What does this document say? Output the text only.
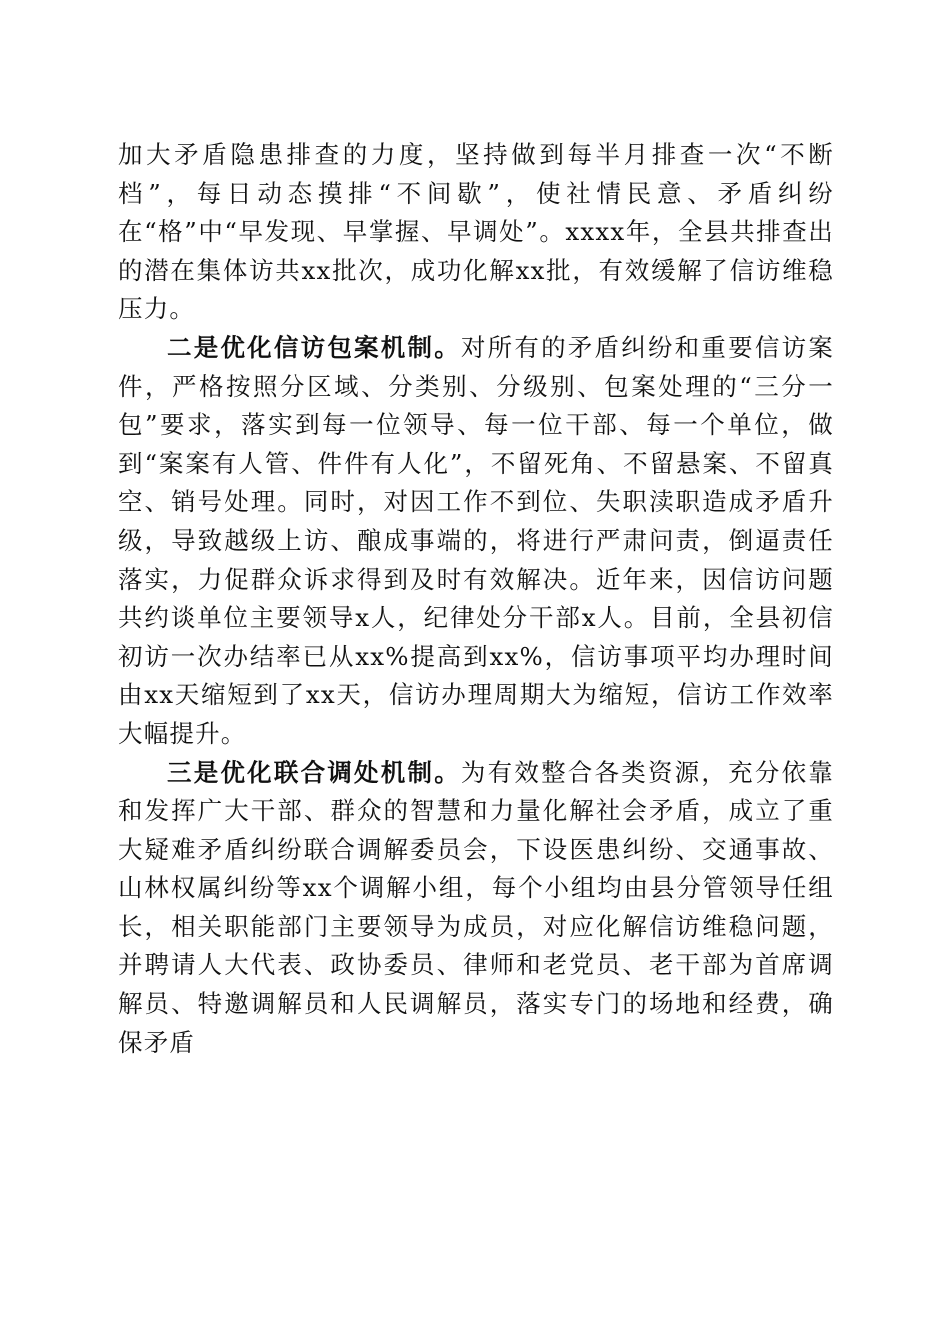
加大矛盾隐患排查的力度，坚持做到每半月排查一次“不断档”，每日动态摸排“不间歇”，使社情民意、矛盾纠纷在“格”中“早发现、早掌握、早调处”。xxxx年，全县共排查出的潜在集体访共xx批次，成功化解xx批，有效缓解了信访维稳压力。

二是优化信访包案机制。对所有的矛盾纠纷和重要信访案件，严格按照分区域、分类别、分级别、包案处理的“三分一包”要求，落实到每一位领导、每一位干部、每一个单位，做到“案案有人管、件件有人化”，不留死角、不留悬案、不留真空、销号处理。同时，对因工作不到位、失职渎职造成矛盾升级，导致越级上访、酿成事端的，将进行严肃问责，倒逼责任落实，力促群众诉求得到及时有效解决。近年来，因信访问题共约谈单位主要领导x人，纪律处分干部x人。目前，全县初信初访一次办结率已从xx%提高到xx%，信访事项平均办理时间由xx天缩短到了xx天，信访办理周期大为缩短，信访工作效率大幅提升。

三是优化联合调处机制。为有效整合各类资源，充分依靠和发挥广大干部、群众的智慧和力量化解社会矛盾，成立了重大疑难矛盾纠纷联合调解委员会，下设医患纠纷、交通事故、山林权属纠纷等xx个调解小组，每个小组均由县分管领导任组长，相关职能部门主要领导为成员，对应化解信访维稳问题，并聘请人大代表、政协委员、律师和老党员、老干部为首席调解员、特邀调解员和人民调解员，落实专门的场地和经费，确保矛盾
